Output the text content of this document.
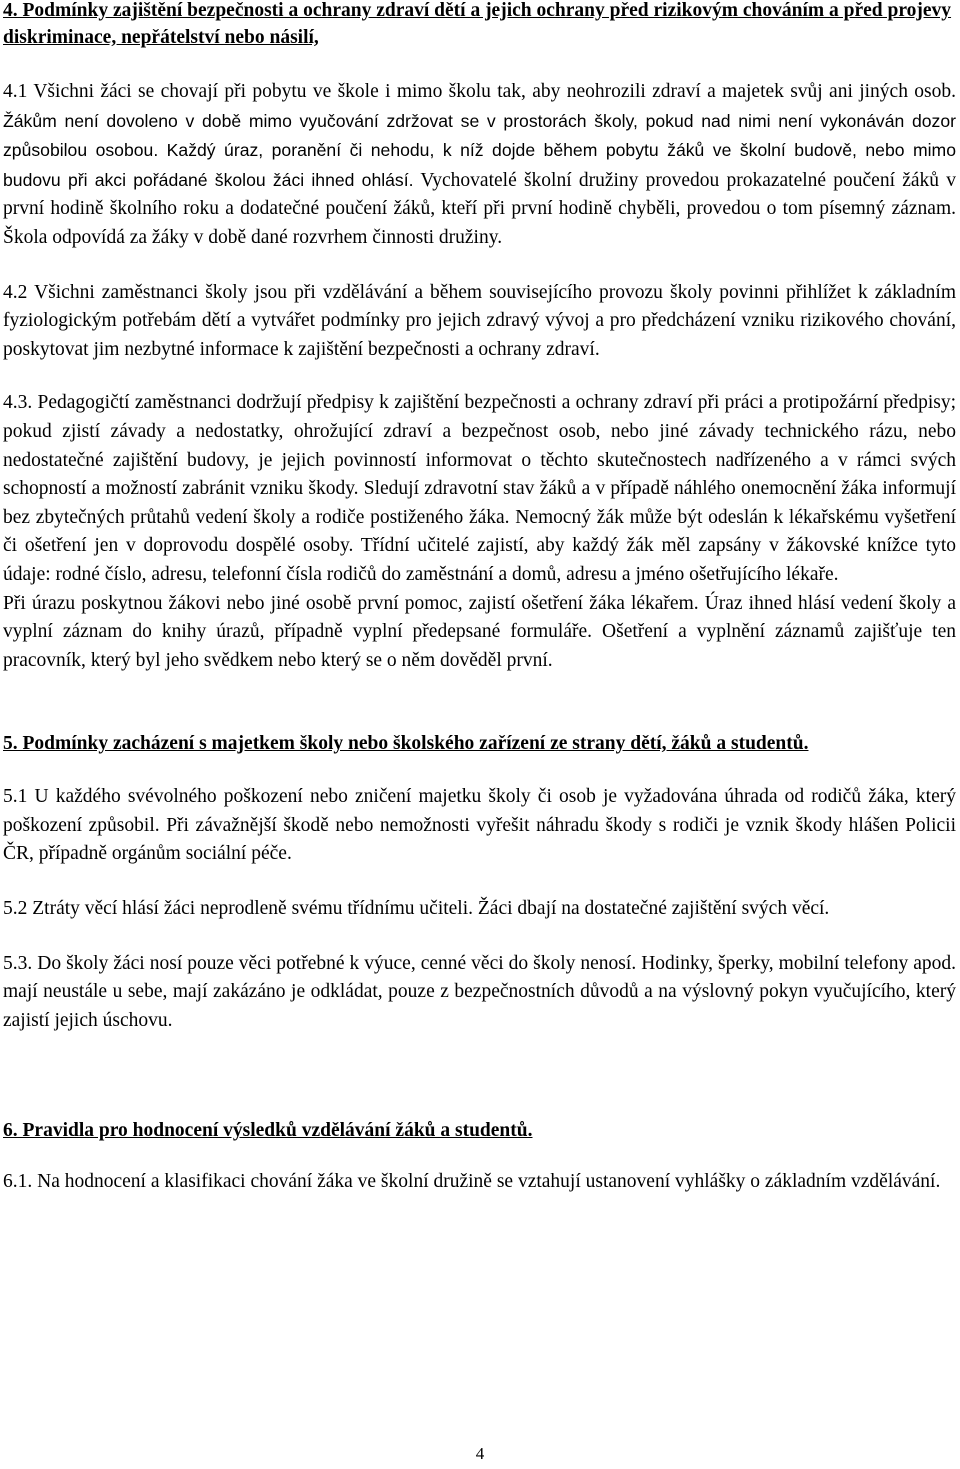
4. Podmínky zajištění bezpečnosti a ochrany zdraví dětí a jejich ochrany před rizikovým chováním a před projevy diskriminace, nepřátelství nebo násilí,

4.1 Všichni žáci se chovají při pobytu ve škole i mimo školu tak, aby neohrozili zdraví a majetek svůj ani jiných osob. Žákům není dovoleno v době mimo vyučování zdržovat se v prostorách školy, pokud nad nimi není vykonáván dozor způsobilou osobou. Každý úraz, poranění či nehodu, k níž dojde během pobytu žáků ve školní budově, nebo mimo budovu při akci pořádané školou žáci ihned ohlásí. Vychovatelé školní družiny provedou prokazatelné poučení žáků v první hodině školního roku a dodatečné poučení žáků, kteří při první hodině chyběli, provedou o tom písemný záznam. Škola odpovídá za žáky v době dané rozvrhem činnosti družiny.

4.2 Všichni zaměstnanci školy jsou při vzdělávání a během souvisejícího provozu školy povinni přihlížet k základním fyziologickým potřebám dětí a vytvářet podmínky pro jejich zdravý vývoj a pro předcházení vzniku rizikového chování, poskytovat jim nezbytné informace k zajištění bezpečnosti a ochrany zdraví.

4.3. Pedagogičtí zaměstnanci dodržují předpisy k zajištění bezpečnosti a ochrany zdraví při práci a protipožární předpisy; pokud zjistí závady a nedostatky, ohrožující zdraví a bezpečnost osob, nebo jiné závady technického rázu, nebo nedostatečné zajištění budovy, je jejich povinností informovat o těchto skutečnostech nadřízeného a v rámci svých schopností a možností zabránit vzniku škody. Sledují zdravotní stav žáků a v případě náhlého onemocnění žáka informují bez zbytečných průtahů vedení školy a rodiče postiženého žáka. Nemocný žák může být odeslán k lékařskému vyšetření či ošetření jen v doprovodu dospělé osoby. Třídní učitelé zajistí, aby každý žák měl zapsány v žákovské knížce tyto údaje: rodné číslo, adresu, telefonní čísla rodičů do zaměstnání a domů, adresu a jméno ošetřujícího lékaře.

Při úrazu poskytnou žákovi nebo jiné osobě první pomoc, zajistí ošetření žáka lékařem. Úraz ihned hlásí vedení školy a vyplní záznam do knihy úrazů, případně vyplní předepsané formuláře. Ošetření a vyplnění záznamů zajišťuje ten pracovník, který byl jeho svědkem nebo který se o něm dověděl první.

5. Podmínky zacházení s majetkem školy nebo školského zařízení ze strany dětí, žáků a studentů.

5.1 U každého svévolného poškození nebo zničení majetku školy či osob je vyžadována úhrada od rodičů žáka, který poškození způsobil. Při závažnější škodě nebo nemožnosti vyřešit náhradu škody s rodiči je vznik škody hlášen Policii ČR, případně orgánům sociální péče.

5.2 Ztráty věcí hlásí žáci neprodleně svému třídnímu učiteli. Žáci dbají na dostatečné zajištění svých věcí.

5.3. Do školy žáci nosí pouze věci potřebné k výuce, cenné věci do školy nenosí. Hodinky, šperky, mobilní telefony apod. mají neustále u sebe, mají zakázáno je odkládat, pouze z bezpečnostních důvodů a na výslovný pokyn vyučujícího, který zajistí jejich úschovu.

6. Pravidla pro hodnocení výsledků vzdělávání žáků a studentů.

6.1. Na hodnocení a klasifikaci chování žáka ve školní družině se vztahují ustanovení vyhlášky o základním vzdělávání.

4
